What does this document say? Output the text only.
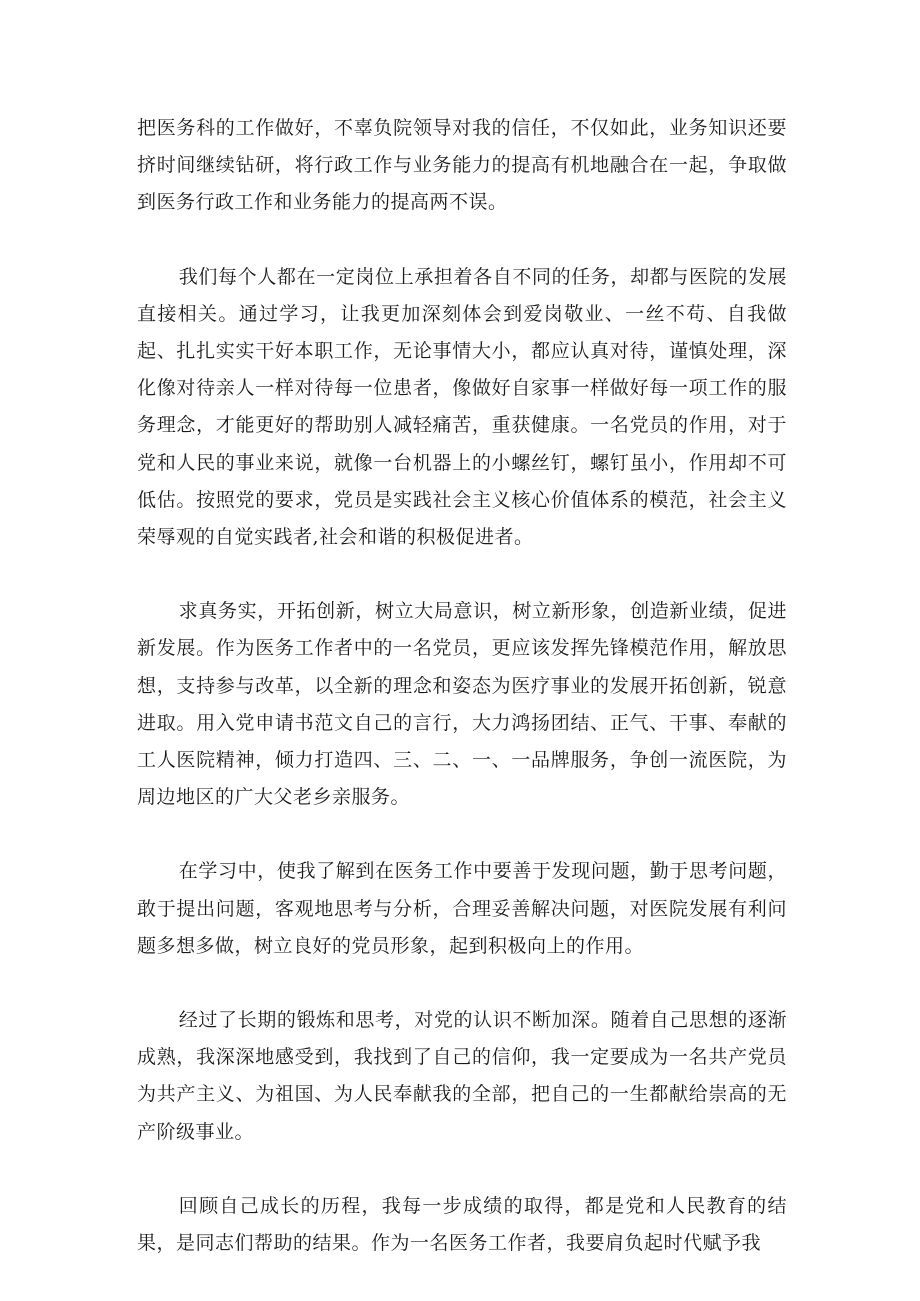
把医务科的工作做好，不辜负院领导对我的信任，不仅如此，业务知识还要挤时间继续钻研，将行政工作与业务能力的提高有机地融合在一起，争取做到医务行政工作和业务能力的提高两不误。

我们每个人都在一定岗位上承担着各自不同的任务，却都与医院的发展直接相关。通过学习，让我更加深刻体会到爱岗敬业、一丝不苟、自我做起、扎扎实实干好本职工作，无论事情大小，都应认真对待，谨慎处理，深化像对待亲人一样对待每一位患者，像做好自家事一样做好每一项工作的服务理念，才能更好的帮助别人减轻痛苦，重获健康。一名党员的作用，对于党和人民的事业来说，就像一台机器上的小螺丝钉，螺钉虽小，作用却不可低估。按照党的要求，党员是实践社会主义核心价值体系的模范，社会主义荣辱观的自觉实践者,社会和谐的积极促进者。

求真务实，开拓创新，树立大局意识，树立新形象，创造新业绩，促进新发展。作为医务工作者中的一名党员，更应该发挥先锋模范作用，解放思想，支持参与改革，以全新的理念和姿态为医疗事业的发展开拓创新，锐意进取。用入党申请书范文自己的言行，大力鸿扬团结、正气、干事、奉献的工人医院精神，倾力打造四、三、二、一、一品牌服务，争创一流医院，为周边地区的广大父老乡亲服务。

在学习中，使我了解到在医务工作中要善于发现问题，勤于思考问题，敢于提出问题，客观地思考与分析，合理妥善解决问题，对医院发展有利问题多想多做，树立良好的党员形象，起到积极向上的作用。

经过了长期的锻炼和思考，对党的认识不断加深。随着自己思想的逐渐成熟，我深深地感受到，我找到了自己的信仰，我一定要成为一名共产党员为共产主义、为祖国、为人民奉献我的全部，把自己的一生都献给崇高的无产阶级事业。

回顾自己成长的历程，我每一步成绩的取得，都是党和人民教育的结果，是同志们帮助的结果。作为一名医务工作者，我要肩负起时代赋予我
